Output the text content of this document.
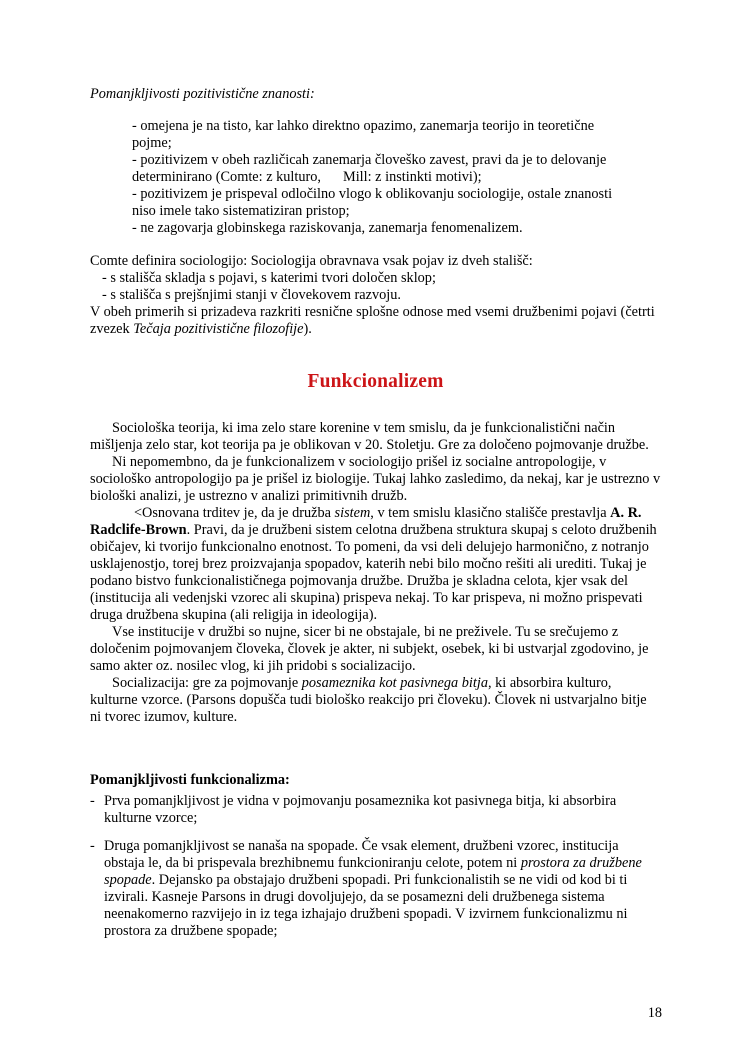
Pomanjkljivosti pozitivistične znanosti:
- omejena je na tisto, kar lahko direktno opazimo, zanemarja teorijo in teoretične pojme;
- pozitivizem v obeh različicah zanemarja človeško zavest, pravi da je to delovanje determinirano (Comte: z kulturo, Mill: z instinkti motivi);
- pozitivizem je prispeval odločilno vlogo k oblikovanju sociologije, ostale znanosti niso imele tako sistematiziran pristop;
- ne zagovarja globinskega raziskovanja, zanemarja fenomenalizem.
Comte definira sociologijo: Sociologija obravnava vsak pojav iz dveh stališč:
- s stališča skladja s pojavi, s katerimi tvori določen sklop;
- s stališča s prejšnjimi stanji v človekovem razvoju.
V obeh primerih si prizadeva razkriti resnične splošne odnose med vsemi družbenimi pojavi (četrti zvezek Tečaja pozitivistične filozofije).
Funkcionalizem

Sociološka teorija, ki ima zelo stare korenine v tem smislu, da je funkcionalistični način mišljenja zelo star, kot teorija pa je oblikovan v 20. Stoletju. Gre za določeno pojmovanje družbe.

Ni nepomembno, da je funkcionalizem v sociologijo prišel iz socialne antropologije, v sociološko antropologijo pa je prišel iz biologije. Tukaj lahko zasledimo, da nekaj, kar je ustrezno v biološki analizi, je ustrezno v analizi primitivnih družb.

<Osnovana trditev je, da je družba sistem, v tem smislu klasično stališče prestavlja A. R. Radclife-Brown. Pravi, da je družbeni sistem celotna družbena struktura skupaj s celoto družbenih običajev, ki tvorijo funkcionalno enotnost. To pomeni, da vsi deli delujejo harmonično, z notranjo usklajenostjo, torej brez proizvajanja spopadov, katerih nebi bilo močno rešiti ali urediti. Tukaj je podano bistvo funkcionalističnega pojmovanja družbe. Družba je skladna celota, kjer vsak del (institucija ali vedenjski vzorec ali skupina) prispeva nekaj. To kar prispeva, ni možno prispevati druga družbena skupina (ali religija in ideologija).

Vse institucije v družbi so nujne, sicer bi ne obstajale, bi ne preživele. Tu se srečujemo z določenim pojmovanjem človeka, človek je akter, ni subjekt, osebek, ki bi ustvarjal zgodovino, je samo akter oz. nosilec vlog, ki jih pridobi s socializacijo.

Socializacija: gre za pojmovanje posameznika kot pasivnega bitja, ki absorbira kulturo, kulturne vzorce. (Parsons dopušča tudi biološko reakcijo pri človeku). Človek ni ustvarjalno bitje ni tvorec izumov, kulture.

Pomanjkljivosti funkcionalizma:
- Prva pomanjkljivost je vidna v pojmovanju posameznika kot pasivnega bitja, ki absorbira kulturne vzorce;
- Druga pomanjkljivost se nanaša na spopade. Če vsak element, družbeni vzorec, institucija obstaja le, da bi prispevala brezhibnemu funkcioniranju celote, potem ni prostora za družbene spopade. Dejansko pa obstajajo družbeni spopadi. Pri funkcionalistih se ne vidi od kod bi ti izvirali. Kasneje Parsons in drugi dovoljujejo, da se posamezni deli družbenega sistema neenakomerno razvijejo in iz tega izhajajo družbeni spopadi. V izvirnem funkcionalizmu ni prostora za družbene spopade;
18
